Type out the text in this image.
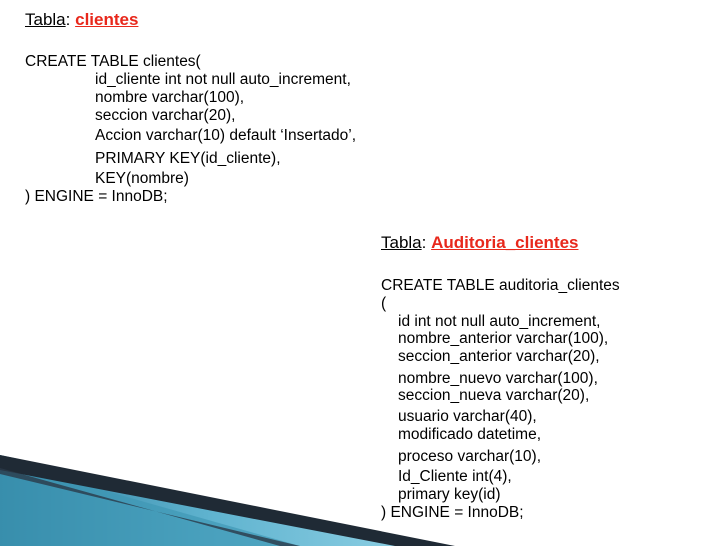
Tabla: clientes
CREATE TABLE clientes(
id_cliente int not null auto_increment,
nombre varchar(100),
seccion varchar(20),
Accion varchar(10) default ‘Insertado’,
PRIMARY KEY(id_cliente),
KEY(nombre)
) ENGINE = InnoDB;
Tabla: Auditoria_clientes
CREATE TABLE auditoria_clientes
(
id int not null auto_increment,
nombre_anterior varchar(100),
seccion_anterior varchar(20),
nombre_nuevo varchar(100),
seccion_nueva varchar(20),
usuario varchar(40),
modificado datetime,
proceso varchar(10),
Id_Cliente int(4),
primary key(id)
) ENGINE = InnoDB;
